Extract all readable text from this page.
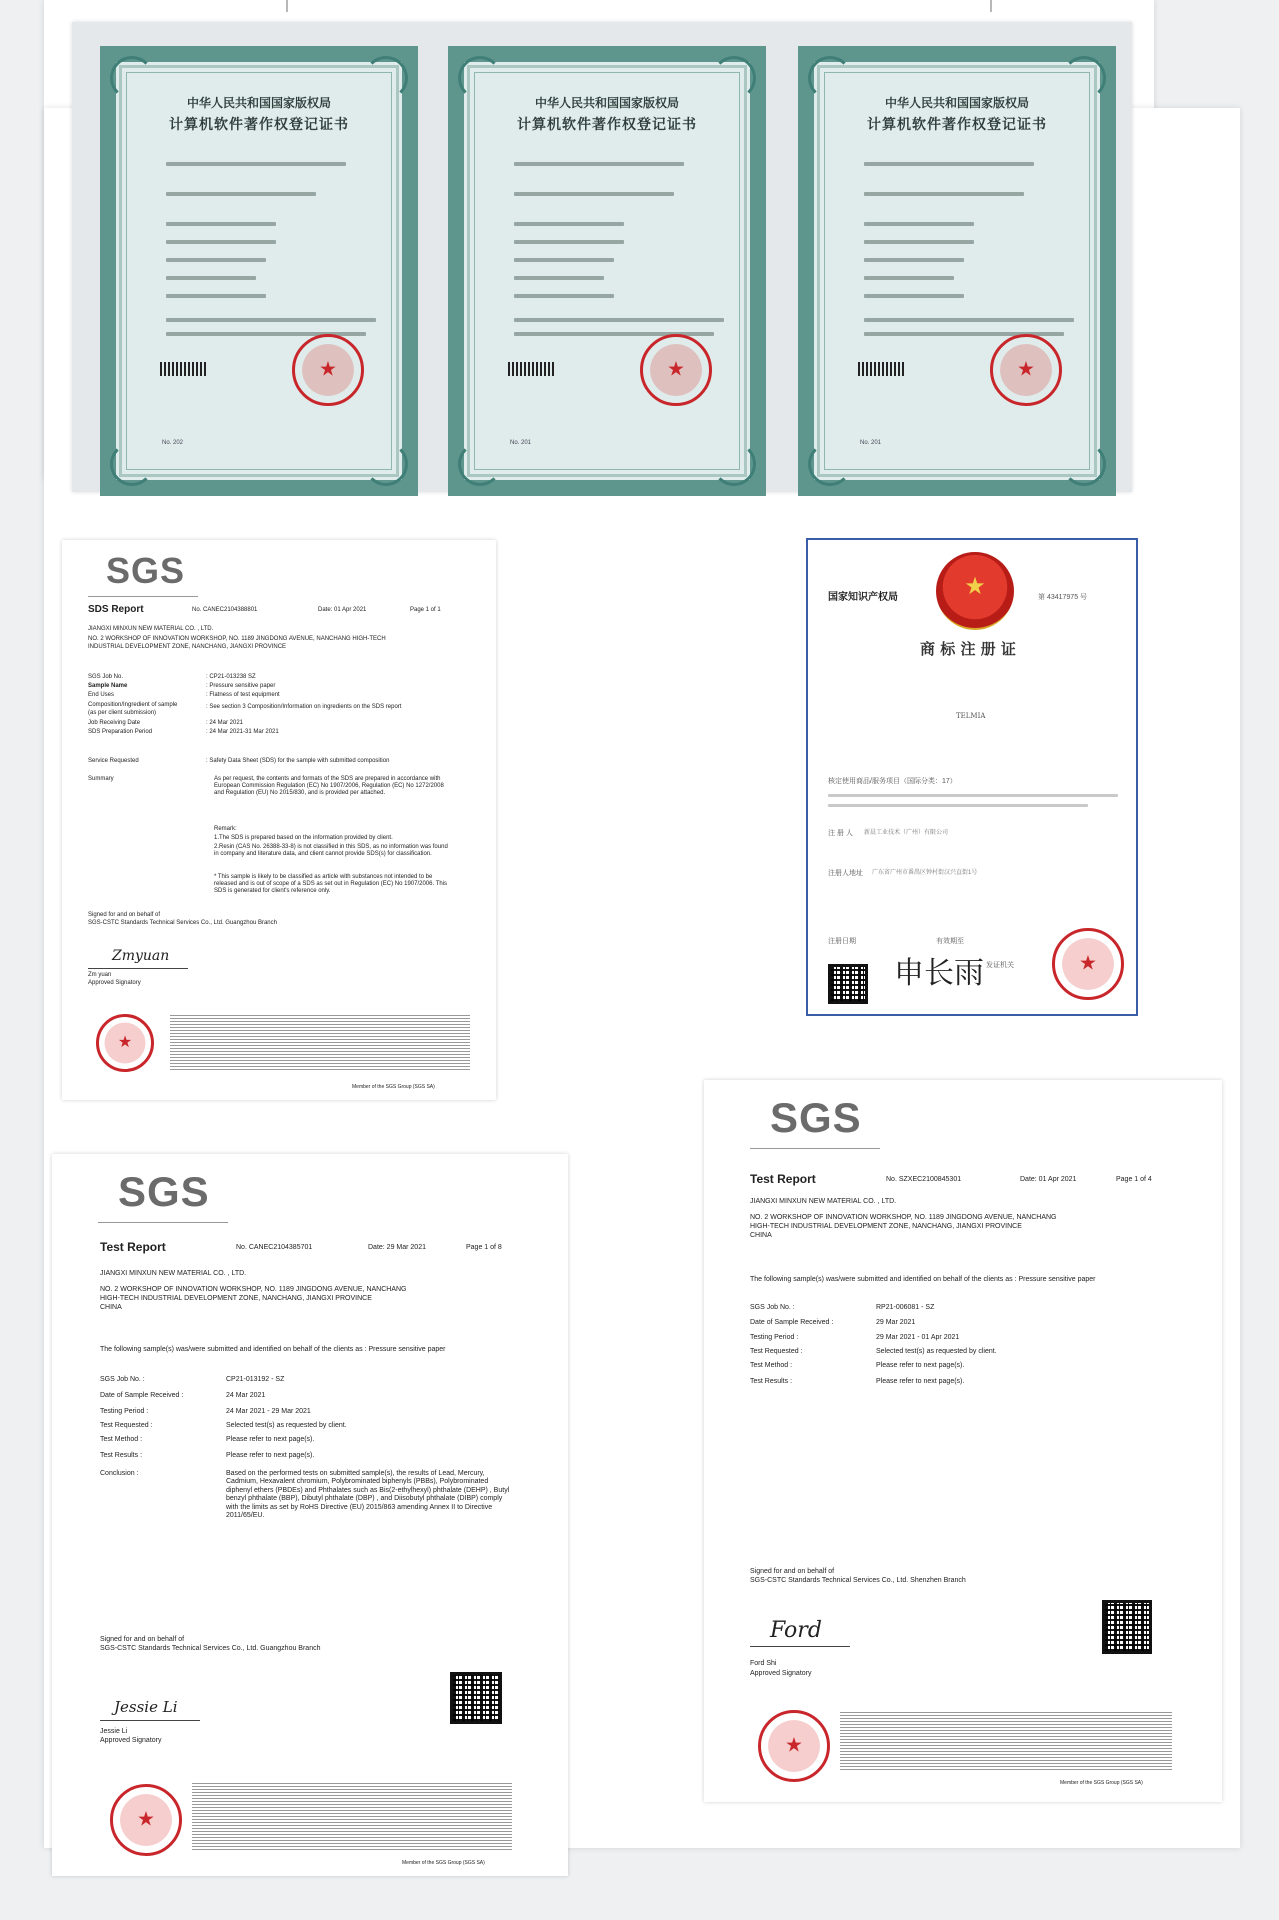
中华人民共和国国家版权局
计算机软件著作权登记证书
★
No. 202
中华人民共和国国家版权局
计算机软件著作权登记证书
★
No. 201
中华人民共和国国家版权局
计算机软件著作权登记证书
★
No. 201
SGS
SDS Report	No. CANEC2104388801	Date: 01 Apr 2021	Page 1 of 1
JIANGXI MINXUN NEW MATERIAL CO. , LTD.
NO. 2 WORKSHOP OF INNOVATION WORKSHOP, NO. 1189 JINGDONG AVENUE, NANCHANG HIGH-TECH
INDUSTRIAL DEVELOPMENT ZONE, NANCHANG, JIANGXI PROVINCE
SGS Job No.	: CP21-013238 SZ
Sample Name	: Pressure sensitive paper
End Uses	: Flatness of test equipment
Composition/Ingredient of sample	: See section 3 Composition/Information on ingredients on the SDS report
(as per client submission)
Job Receiving Date	: 24 Mar 2021
SDS Preparation Period	: 24 Mar 2021-31 Mar 2021
Service Requested	: Safety Data Sheet (SDS) for the sample with submitted composition
Summary	As per request, the contents and formats of the SDS are prepared in accordance with European Commission Regulation (EC) No 1907/2006, Regulation (EC) No 1272/2008 and Regulation (EU) No 2015/830, and is provided per attached.
Remark:
1.The SDS is prepared based on the information provided by client.
2.Resin (CAS No. 26388-33-8) is not classified in this SDS, as no information was found in company and literature data, and client cannot provide SDS(s) for classification.
* This sample is likely to be classified as article with substances not intended to be released and is out of scope of a SDS as set out in Regulation (EC) No 1907/2006. This SDS is generated for client's reference only.
Signed for and on behalf of
SGS-CSTC Standards Technical Services Co., Ltd. Guangzhou Branch
Zmyuan
Zm yuan
Approved Signatory
★
Member of the SGS Group (SGS SA)
国家知识产权局	★	第 43417975 号
商 标 注 册 证
TELMIA
核定使用商品/服务项目（国际分类：17）
注 册 人 新晨工业技术（广州）有限公司
注册人地址 广东省广州市番禺区钟村街汉兴直街1号
注册日期	有效期至
申长雨 发证机关	★
SGS
Test Report	No. CANEC2104385701	Date: 29 Mar 2021	Page 1 of 8
JIANGXI MINXUN NEW MATERIAL CO. , LTD.
NO. 2 WORKSHOP OF INNOVATION WORKSHOP, NO. 1189 JINGDONG AVENUE, NANCHANG
HIGH-TECH INDUSTRIAL DEVELOPMENT ZONE, NANCHANG, JIANGXI PROVINCE
CHINA
The following sample(s) was/were submitted and identified on behalf of the clients as : Pressure sensitive paper
SGS Job No. :	CP21-013192 - SZ
Date of Sample Received :	24 Mar 2021
Testing Period :	24 Mar 2021 - 29 Mar 2021
Test Requested :	Selected test(s) as requested by client.
Test Method :	Please refer to next page(s).
Test Results :	Please refer to next page(s).
Conclusion :	Based on the performed tests on submitted sample(s), the results of Lead, Mercury, Cadmium, Hexavalent chromium, Polybrominated biphenyls (PBBs), Polybrominated diphenyl ethers (PBDEs) and Phthalates such as Bis(2-ethylhexyl) phthalate (DEHP) , Butyl benzyl phthalate (BBP), Dibutyl phthalate (DBP) , and Diisobutyl phthalate (DIBP) comply with the limits as set by RoHS Directive (EU) 2015/863 amending Annex II to Directive 2011/65/EU.
Signed for and on behalf of
SGS-CSTC Standards Technical Services Co., Ltd. Guangzhou Branch
Jessie Li
Jessie Li
Approved Signatory
★
Member of the SGS Group (SGS SA)
SGS
Test Report	No. SZXEC2100845301	Date: 01 Apr 2021	Page 1 of 4
JIANGXI MINXUN NEW MATERIAL CO. , LTD.
NO. 2 WORKSHOP OF INNOVATION WORKSHOP, NO. 1189 JINGDONG AVENUE, NANCHANG
HIGH-TECH INDUSTRIAL DEVELOPMENT ZONE, NANCHANG, JIANGXI PROVINCE
CHINA
The following sample(s) was/were submitted and identified on behalf of the clients as : Pressure sensitive paper
SGS Job No. :	RP21-006081 - SZ
Date of Sample Received :	29 Mar 2021
Testing Period :	29 Mar 2021 - 01 Apr 2021
Test Requested :	Selected test(s) as requested by client.
Test Method :	Please refer to next page(s).
Test Results :	Please refer to next page(s).
Signed for and on behalf of
SGS-CSTC Standards Technical Services Co., Ltd. Shenzhen Branch
Ford
Ford Shi
Approved Signatory
★
Member of the SGS Group (SGS SA)
